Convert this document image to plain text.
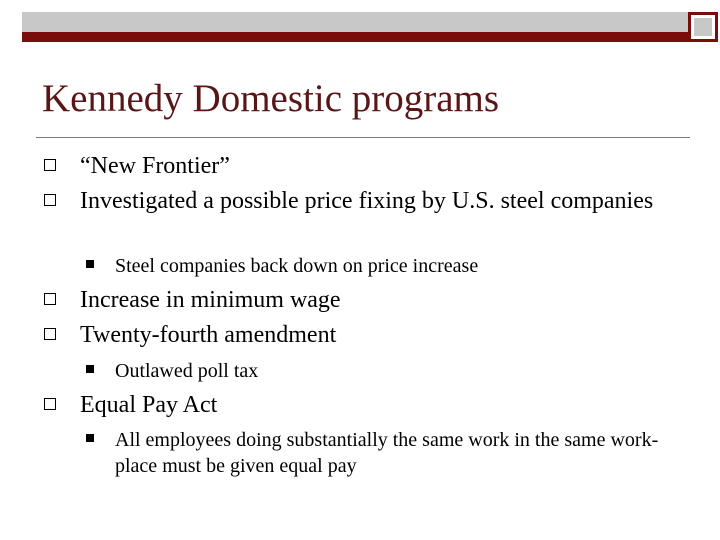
Kennedy Domestic programs
“New Frontier”
Investigated a possible price fixing by U.S. steel companies
Steel companies back down on price increase
Increase in minimum wage
Twenty-fourth amendment
Outlawed poll tax
Equal Pay Act
All employees doing substantially the same work in the same work-place must be given equal pay
